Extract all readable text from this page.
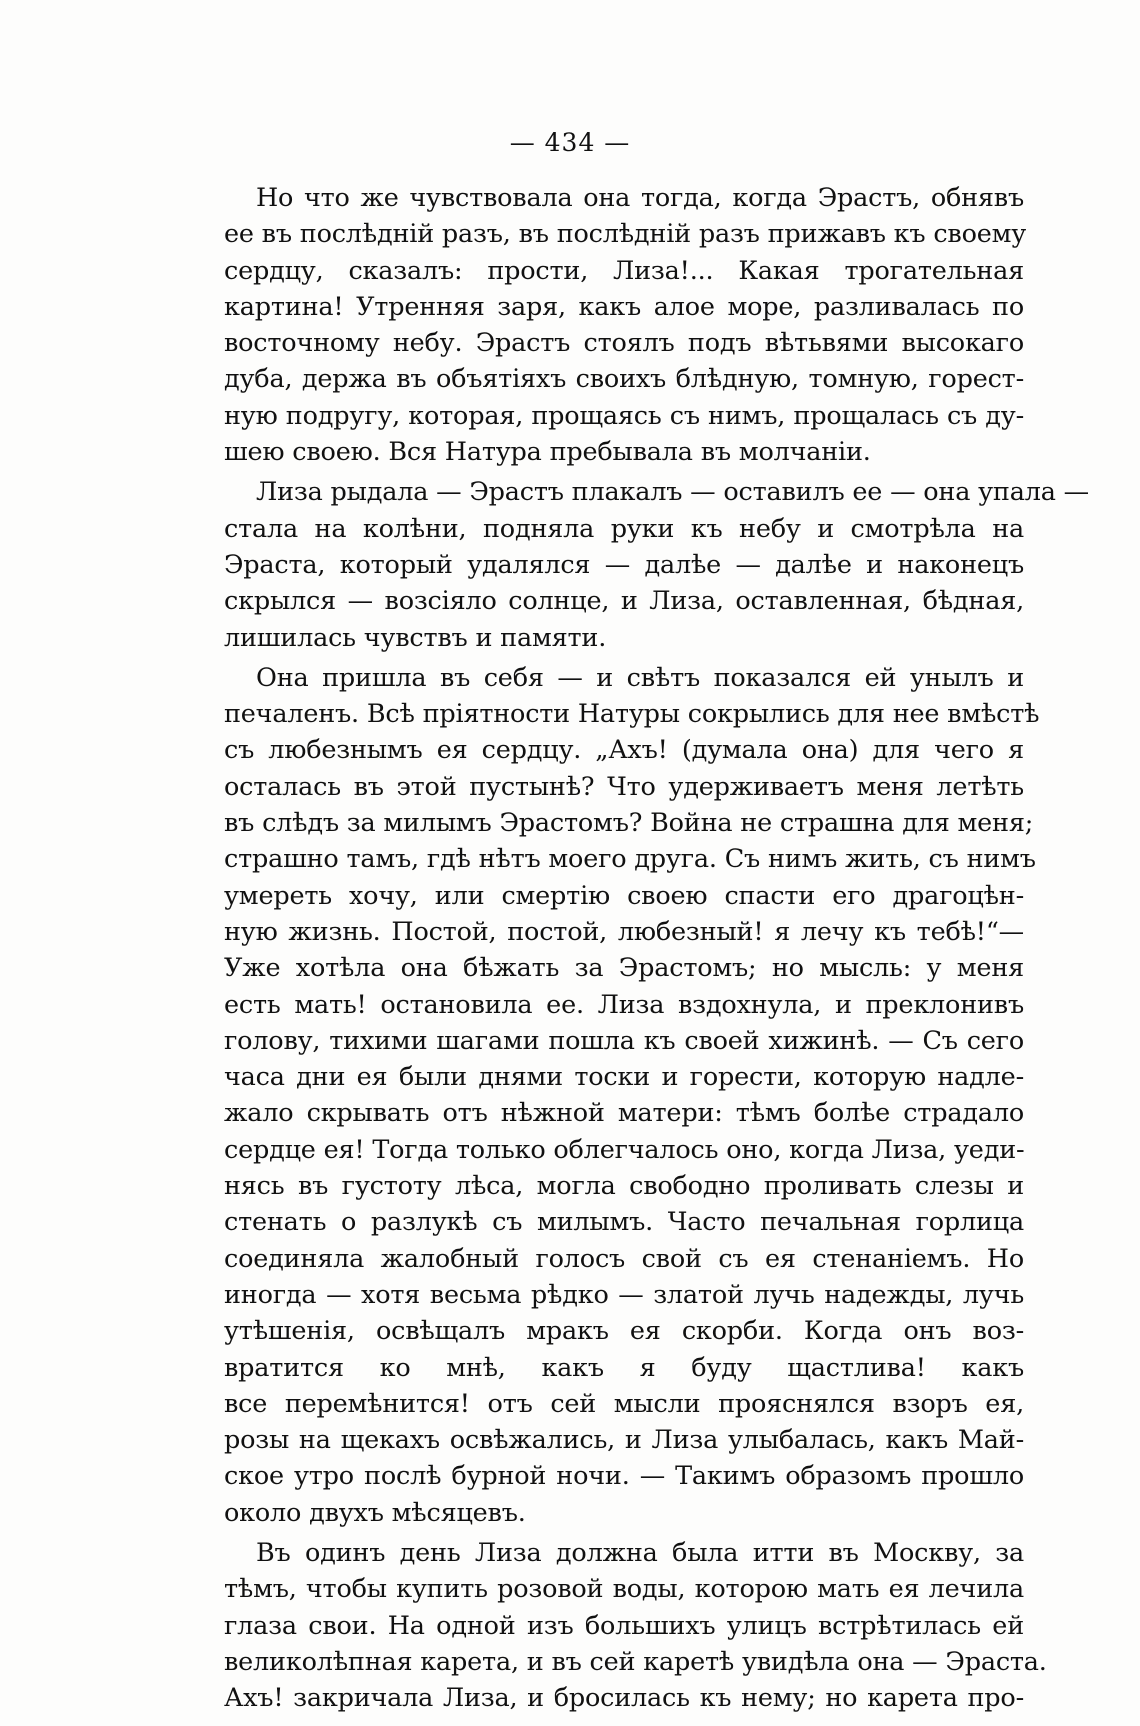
— 434 —
Но что же чувствовала она тогда, когда Эрастъ, обнявъ
ее въ послѣдній разъ, въ послѣдній разъ прижавъ къ своему
сердцу, сказалъ: прости, Лиза!... Какая трогательная
картина! Утренняя заря, какъ алое море, разливалась по
восточному небу. Эрастъ стоялъ подъ вѣтьвями высокаго
дуба, держа въ объятіяхъ своихъ блѣдную, томную, горест-
ную подругу, которая, прощаясь съ нимъ, прощалась съ ду-
шею своею. Вся Натура пребывала въ молчаніи.
Лиза рыдала — Эрастъ плакалъ — оставилъ ее — она упала —
стала на колѣни, подняла руки къ небу и смотрѣла на
Эраста, который удалялся — далѣе — далѣе и наконецъ
скрылся — возсіяло солнце, и Лиза, оставленная, бѣдная,
лишилась чувствъ и памяти.
Она пришла въ себя — и свѣтъ показался ей унылъ и
печаленъ. Всѣ пріятности Натуры сокрылись для нее вмѣстѣ
съ любезнымъ ея сердцу. „Ахъ! (думала она) для чего я
осталась въ этой пустынѣ? Что удерживаетъ меня летѣть
въ слѣдъ за милымъ Эрастомъ? Война не страшна для меня;
страшно тамъ, гдѣ нѣтъ моего друга. Съ нимъ жить, съ нимъ
умереть хочу, или смертію своею спасти его драгоцѣн-
ную жизнь. Постой, постой, любезный! я лечу къ тебѣ!“—
Уже хотѣла она бѣжать за Эрастомъ; но мысль: у меня
есть мать! остановила ее. Лиза вздохнула, и преклонивъ
голову, тихими шагами пошла къ своей хижинѣ. — Съ сего
часа дни ея были днями тоски и горести, которую надле-
жало скрывать отъ нѣжной матери: тѣмъ болѣе страдало
сердце ея! Тогда только облегчалось оно, когда Лиза, уеди-
нясь въ густоту лѣса, могла свободно проливать слезы и
стенать о разлукѣ съ милымъ. Часто печальная горлица
соединяла жалобный голосъ свой съ ея стенаніемъ. Но
иногда — хотя весьма рѣдко — златой лучь надежды, лучь
утѣшенія, освѣщалъ мракъ ея скорби. Когда онъ воз-
вратится ко мнѣ, какъ я буду щастлива! какъ
все перемѣнится! отъ сей мысли прояснялся взоръ ея,
розы на щекахъ освѣжались, и Лиза улыбалась, какъ Май-
ское утро послѣ бурной ночи. — Такимъ образомъ прошло
около двухъ мѣсяцевъ.
Въ одинъ день Лиза должна была итти въ Москву, за
тѣмъ, чтобы купить розовой воды, которою мать ея лечила
глаза свои. На одной изъ большихъ улицъ встрѣтилась ей
великолѣпная карета, и въ сей каретѣ увидѣла она — Эраста.
Ахъ! закричала Лиза, и бросилась къ нему; но карета про-
